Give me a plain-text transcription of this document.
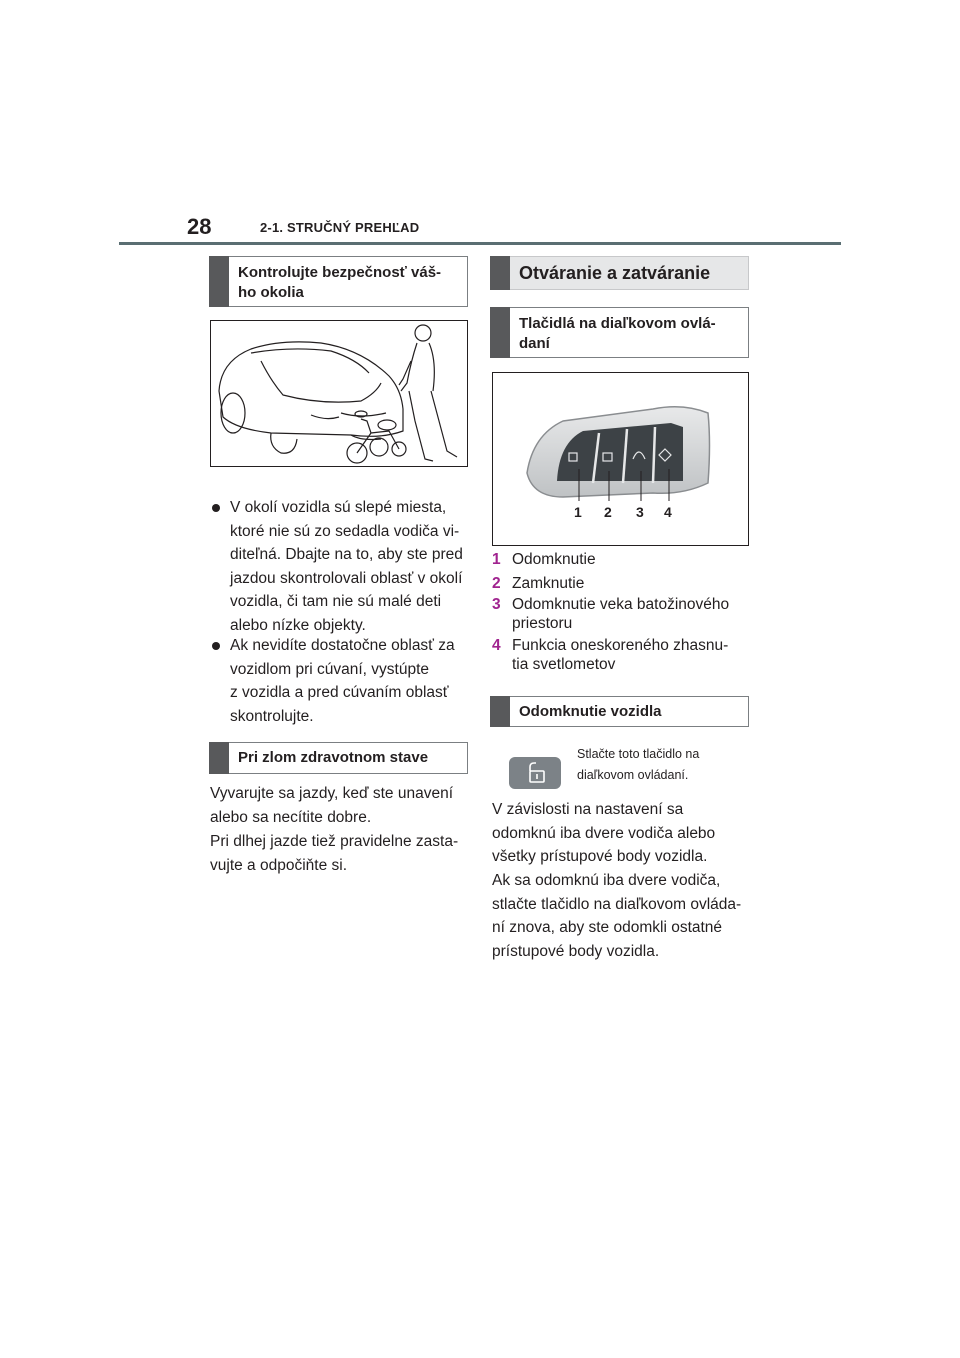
28	2-1. STRUČNÝ PREHĽAD
Kontrolujte bezpečnosť váš-
ho okolia
V okolí vozidla sú slepé miesta,
ktoré nie sú zo sedadla vodiča vi-
diteľná. Dbajte na to, aby ste pred
jazdou skontrolovali oblasť v okolí
vozidla, či tam nie sú malé deti
alebo nízke objekty.
Ak nevidíte dostatočne oblasť za
vozidlom pri cúvaní, vystúpte
z vozidla a pred cúvaním oblasť
skontrolujte.
Pri zlom zdravotnom stave
Vyvarujte sa jazdy, keď ste unavení
alebo sa necítite dobre.
Pri dlhej jazde tiež pravidelne zasta-
vujte a odpočiňte si.
Otváranie a zatváranie
Tlačidlá na diaľkovom ovlá-
daní
1 2 3 4
1 Odomknutie
2 Zamknutie
3 Odomknutie veka batožinového
priestoru
4 Funkcia oneskoreného zhasnu-
tia svetlometov
Odomknutie vozidla
Stlačte toto tlačidlo na
diaľkovom ovládaní.
V závislosti na nastavení sa
odomknú iba dvere vodiča alebo
všetky prístupové body vozidla.
Ak sa odomknú iba dvere vodiča,
stlačte tlačidlo na diaľkovom ovláda-
ní znova, aby ste odomkli ostatné
prístupové body vozidla.
